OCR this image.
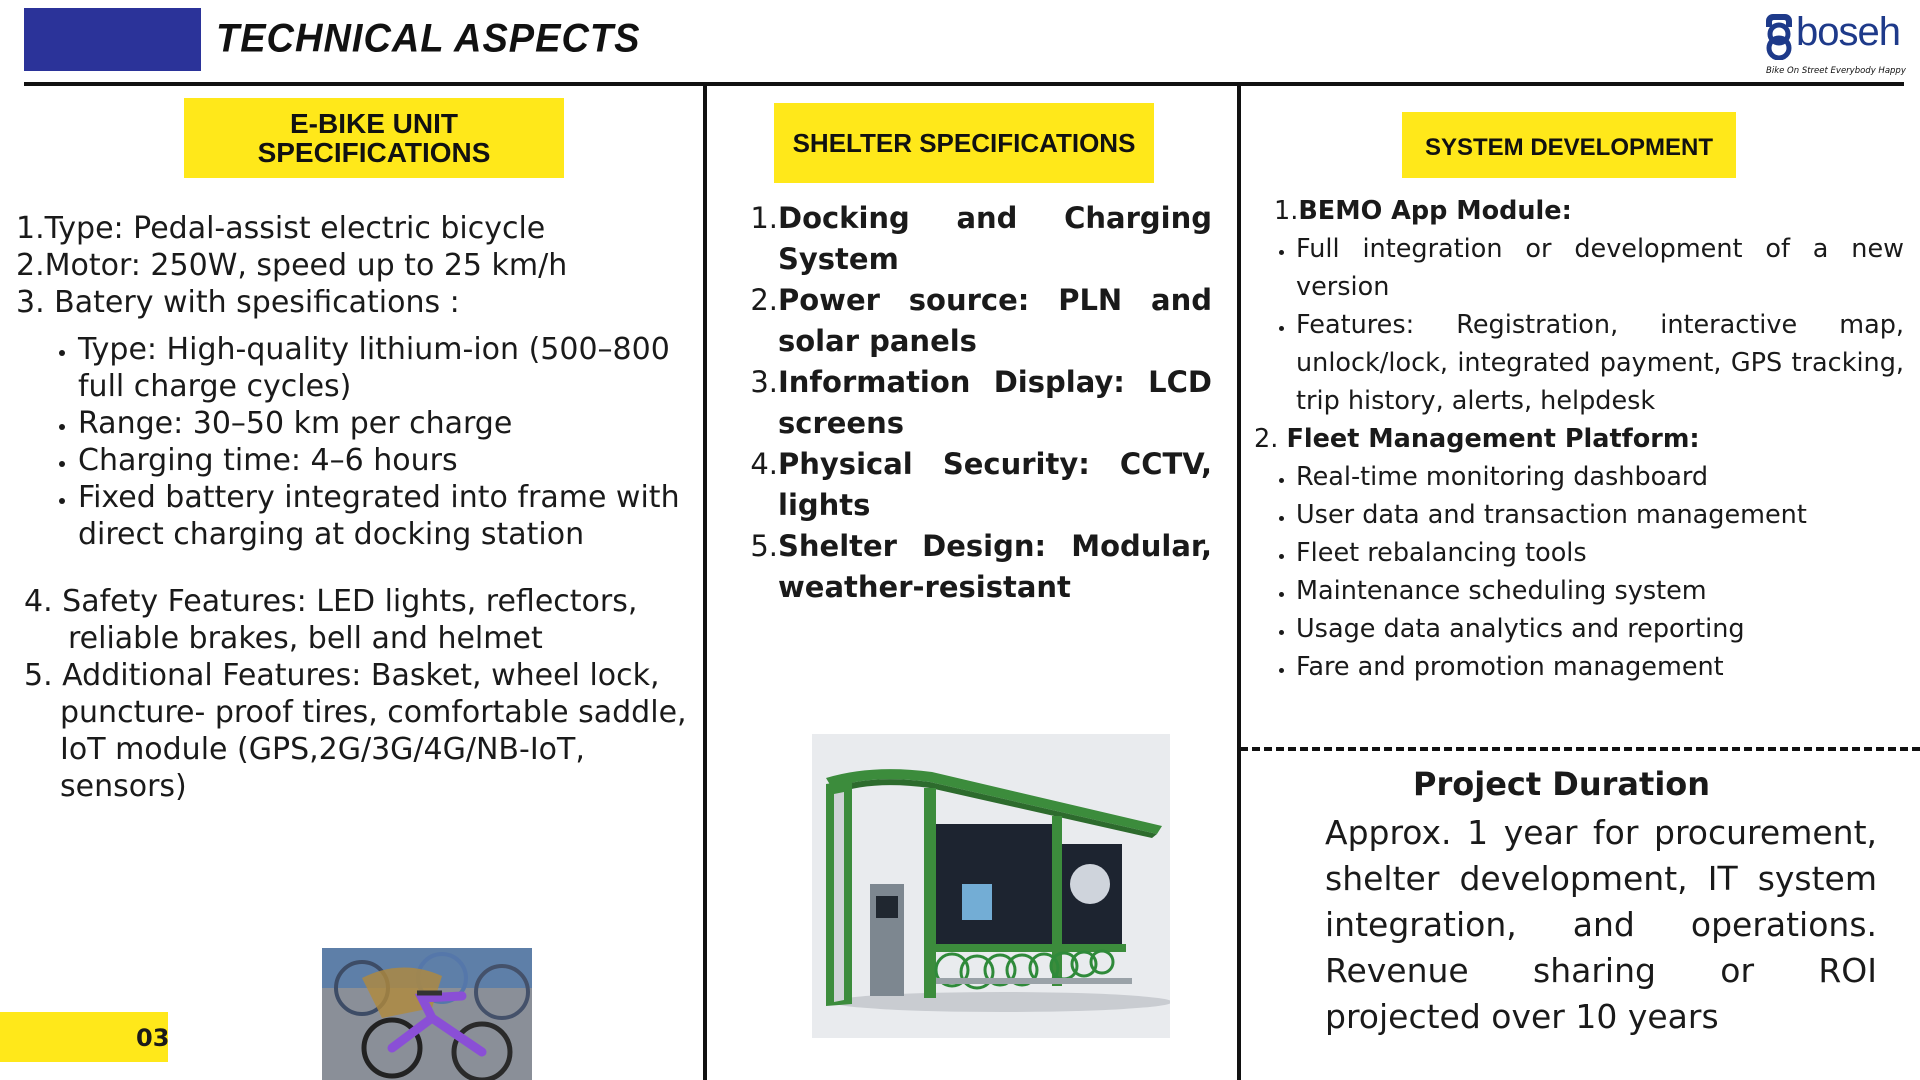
TECHNICAL ASPECTS	boseh
Bike On Street Everybody Happy
E-BIKE UNIT
SPECIFICATIONS
1. Type: Pedal-assist electric bicycle
2. Motor: 250W, speed up to 25 km/h
3. Batery with spesifications :
• Type: High-quality lithium-ion (500–800 full charge cycles)
• Range: 30–50 km per charge
• Charging time: 4–6 hours
• Fixed battery integrated into frame with direct charging at docking station
4. Safety Features: LED lights, reflectors,
reliable brakes, bell and helmet
5. Additional Features: Basket, wheel lock,
puncture- proof tires, comfortable saddle, IoT module (GPS,2G/3G/4G/NB-IoT, sensors)
SHELTER SPECIFICATIONS
1. Docking and Charging System
2. Power source: PLN and solar panels
3. Information Display: LCD screens
4. Physical Security: CCTV, lights
5. Shelter Design: Modular, weather-resistant
SYSTEM DEVELOPMENT
1.BEMO App Module:
• Full integration or development of a new version
• Features: Registration, interactive map, unlock/lock, integrated payment, GPS tracking, trip history, alerts, helpdesk
2. Fleet Management Platform:
• Real-time monitoring dashboard
• User data and transaction management
• Fleet rebalancing tools
• Maintenance scheduling system
• Usage data analytics and reporting
• Fare and promotion management
Project Duration
Approx. 1 year for procurement, shelter development, IT system integration, and operations. Revenue sharing or ROI projected over 10 years
03
